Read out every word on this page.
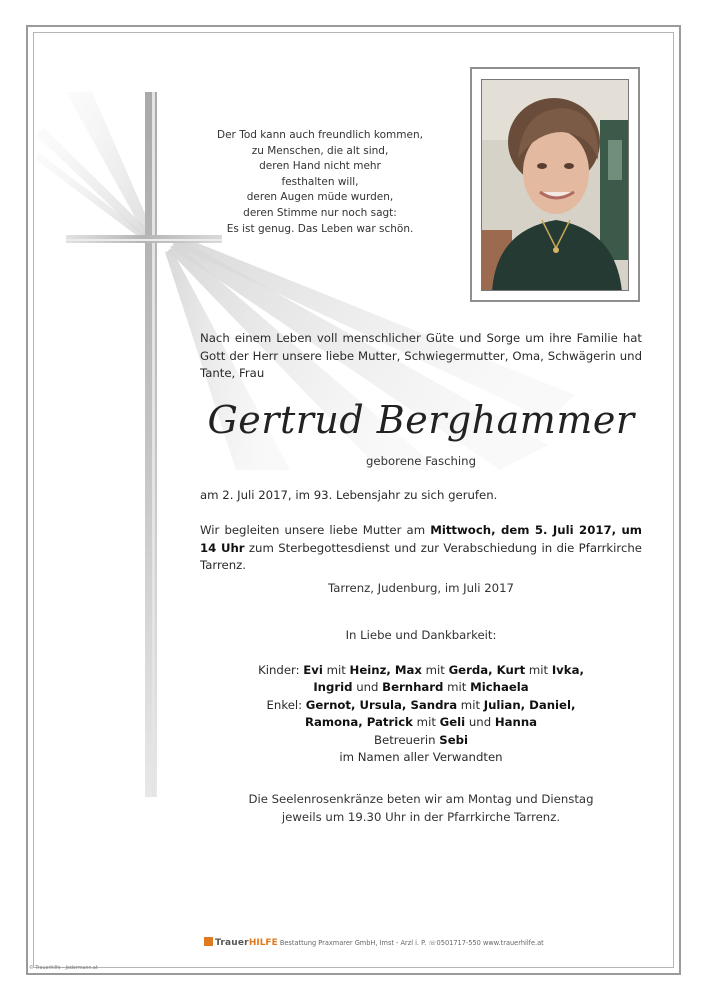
Der Tod kann auch freundlich kommen,
zu Menschen, die alt sind,
deren Hand nicht mehr
festhalten will,
deren Augen müde wurden,
deren Stimme nur noch sagt:
Es ist genug. Das Leben war schön.
Nach einem Leben voll menschlicher Güte und Sorge um ihre Familie hat Gott der Herr unsere liebe Mutter, Schwiegermutter, Oma, Schwägerin und Tante, Frau
Gertrud Berghammer
geborene Fasching
am 2. Juli 2017, im 93. Lebensjahr zu sich gerufen.
Wir begleiten unsere liebe Mutter am Mittwoch, dem 5. Juli 2017, um 14 Uhr zum Sterbegottesdienst und zur Verabschiedung in die Pfarrkirche Tarrenz.
Tarrenz, Judenburg, im Juli 2017
In Liebe und Dankbarkeit:
Kinder: Evi mit Heinz, Max mit Gerda, Kurt mit Ivka,
Ingrid und Bernhard mit Michaela
Enkel: Gernot, Ursula, Sandra mit Julian, Daniel,
Ramona, Patrick mit Geli und Hanna
Betreuerin Sebi
im Namen aller Verwandten
Die Seelenrosenkränze beten wir am Montag und Dienstag
jeweils um 19.30 Uhr in der Pfarrkirche Tarrenz.
TrauerHILFE Bestattung Praxmarer GmbH, Imst - Arzl i. P. ☏0501717-550 www.trauerhilfe.at
© Trauerhilfe - Jedermann.at
